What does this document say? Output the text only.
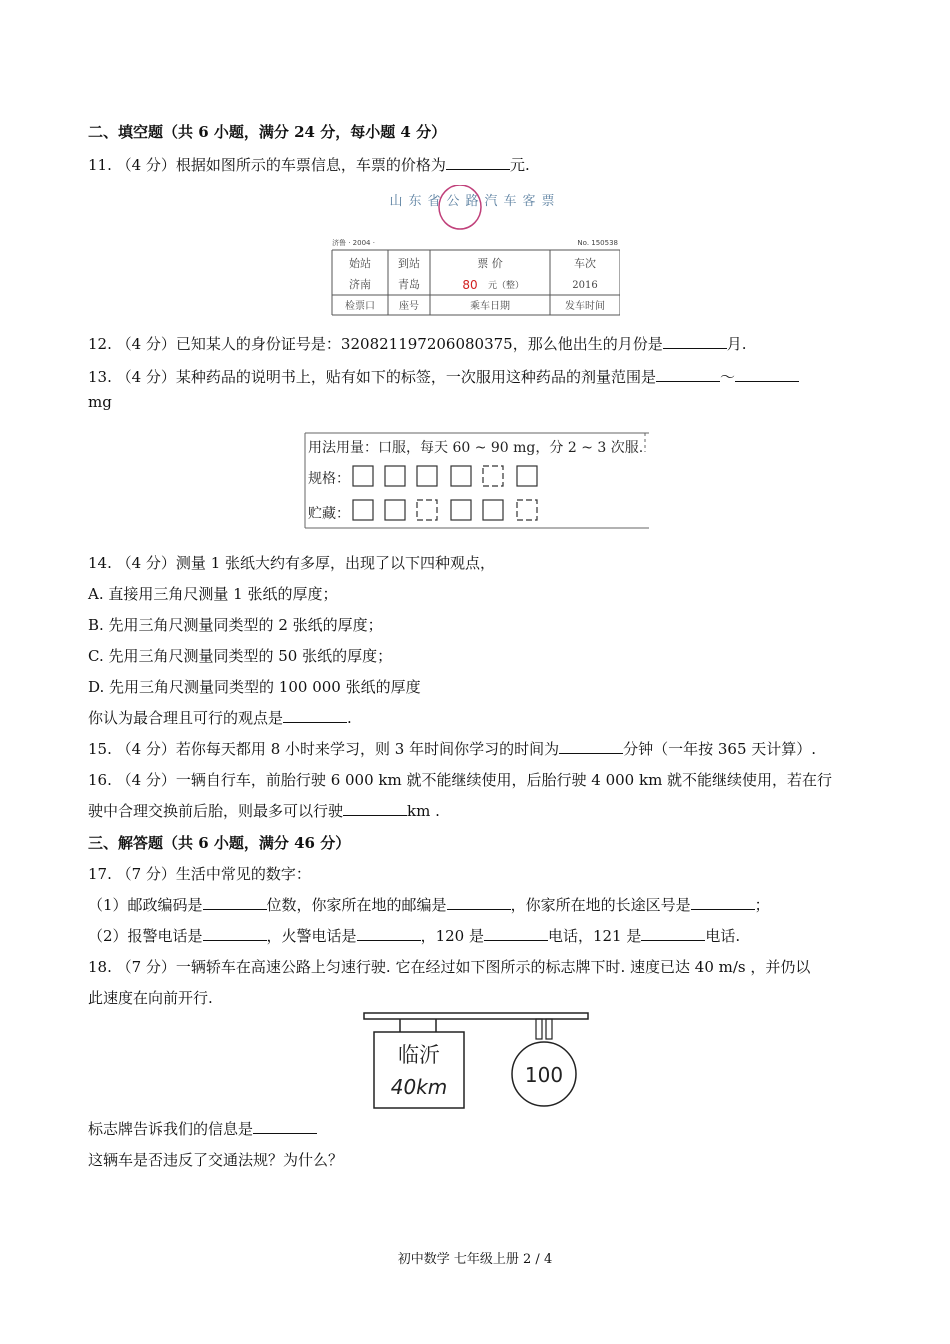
二、填空题（共 6 小题，满分 24 分，每小题 4 分）
11. （4 分）根据如图所示的车票信息，车票的价格为	元.
山东省公路汽车客票
济鲁 · 2004 ·	No. 150538
始站 到站	票 价	车次
济南 青岛	80 元（整）	2016
检票口 座号	乘车日期	发车时间
12. （4 分）已知某人的身份证号是：320821197206080375，那么他出生的月份是	月.
13. （4 分）某种药品的说明书上，贴有如下的标签，一次服用这种药品的剂量范围是	～
mg
用法用量：口服，每天 60 ~ 90 mg，分 2 ~ 3 次服.
规格：
贮藏：
14. （4 分）测量 1 张纸大约有多厚，出现了以下四种观点，
A. 直接用三角尺测量 1 张纸的厚度；
B. 先用三角尺测量同类型的 2 张纸的厚度；
C. 先用三角尺测量同类型的 50 张纸的厚度；
D. 先用三角尺测量同类型的 100 000 张纸的厚度
你认为最合理且可行的观点是	.
15. （4 分）若你每天都用 8 小时来学习，则 3 年时间你学习的时间为	分钟（一年按 365 天计算）.
16. （4 分）一辆自行车，前胎行驶 6 000 km 就不能继续使用，后胎行驶 4 000 km 就不能继续使用，若在行
驶中合理交换前后胎，则最多可以行驶	km .
三、解答题（共 6 小题，满分 46 分）
17. （7 分）生活中常见的数字：
（1）邮政编码是	位数，你家所在地的邮编是	，你家所在地的长途区号是	；
（2）报警电话是	，火警电话是	，120 是	电话，121 是	电话.
18. （7 分）一辆轿车在高速公路上匀速行驶. 它在经过如下图所示的标志牌下时. 速度已达 40 m/s ，并仍以
此速度在向前开行.
临沂
40km	100
标志牌告诉我们的信息是
这辆车是否违反了交通法规？为什么？
初中数学 七年级上册 2 / 4
